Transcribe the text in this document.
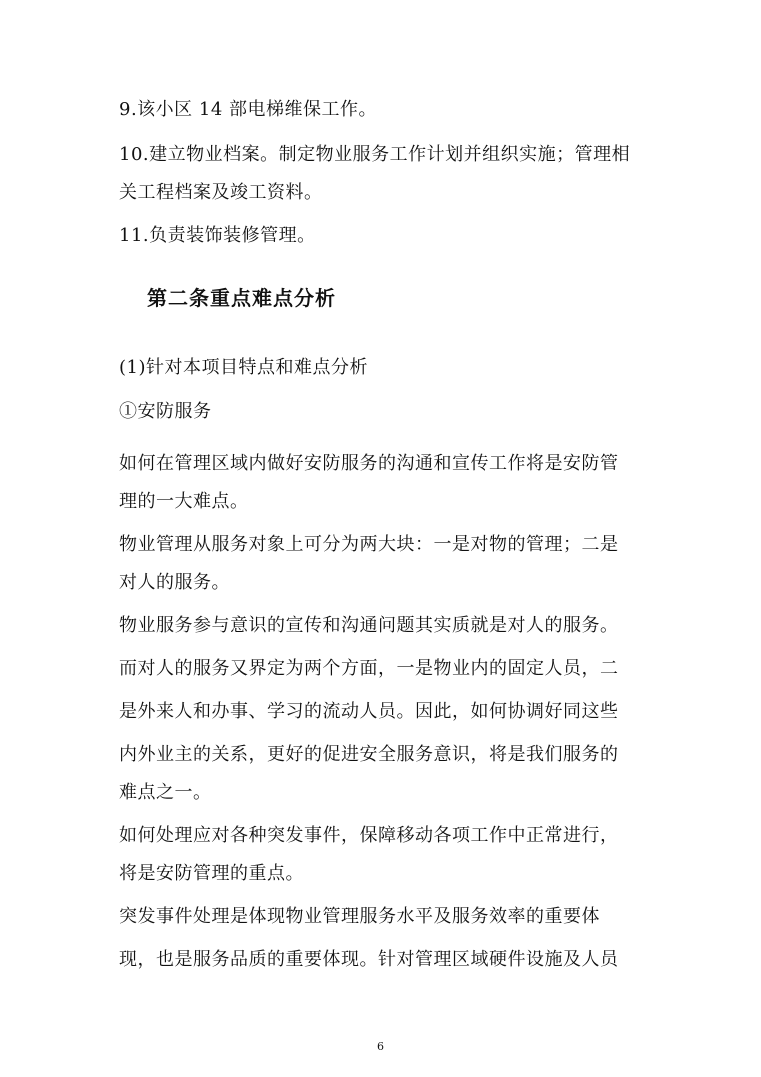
9.该小区 14 部电梯维保工作。
10.建立物业档案。制定物业服务工作计划并组织实施；管理相
关工程档案及竣工资料。
11.负责装饰装修管理。
第二条重点难点分析
(1)针对本项目特点和难点分析
①安防服务
如何在管理区域内做好安防服务的沟通和宣传工作将是安防管
理的一大难点。
物业管理从服务对象上可分为两大块：一是对物的管理；二是
对人的服务。
物业服务参与意识的宣传和沟通问题其实质就是对人的服务。
而对人的服务又界定为两个方面，一是物业内的固定人员，二
是外来人和办事、学习的流动人员。因此，如何协调好同这些
内外业主的关系，更好的促进安全服务意识，将是我们服务的
难点之一。
如何处理应对各种突发事件，保障移动各项工作中正常进行，
将是安防管理的重点。
突发事件处理是体现物业管理服务水平及服务效率的重要体
现，也是服务品质的重要体现。针对管理区域硬件设施及人员
6
